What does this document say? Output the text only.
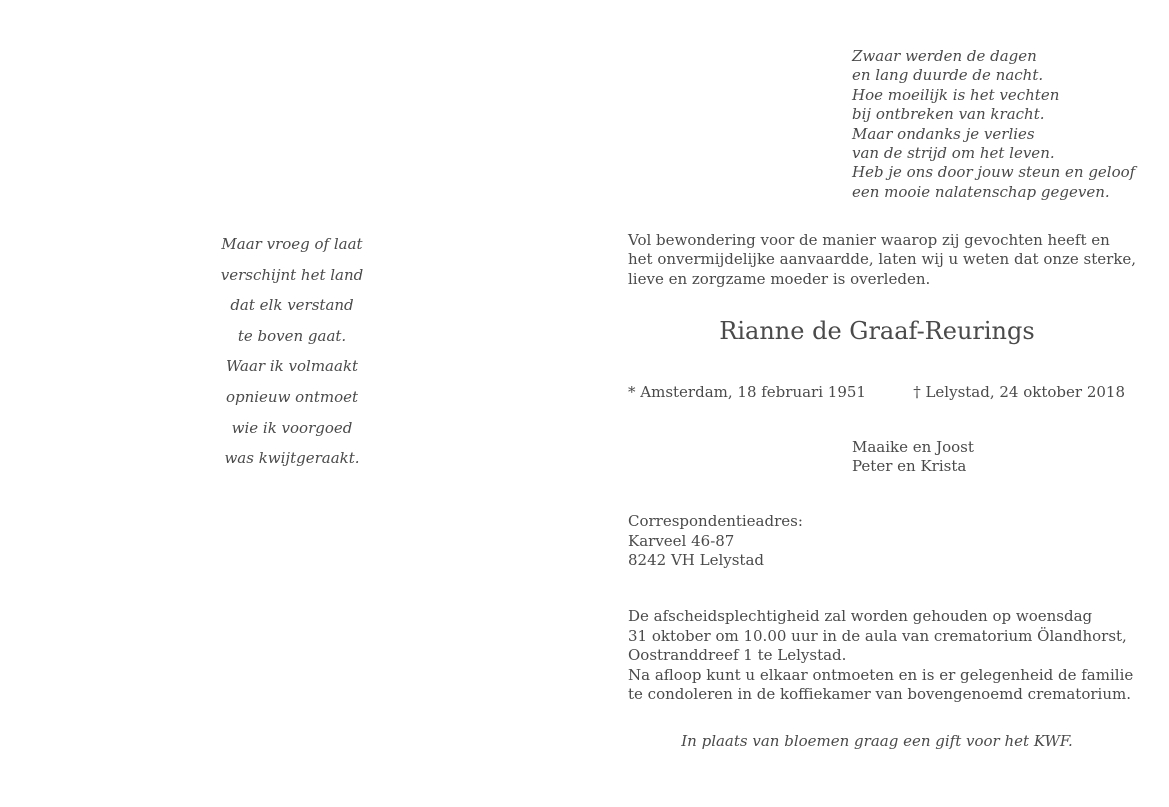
Zwaar werden de dagen
en lang duurde de nacht.
Hoe moeilijk is het vechten
bij ontbreken van kracht.
Maar ondanks je verlies
van de strijd om het leven.
Heb je ons door jouw steun en geloof
een mooie nalatenschap gegeven.
Maar vroeg of laat
verschijnt het land
dat elk verstand
te boven gaat.
Waar ik volmaakt
opnieuw ontmoet
wie ik voorgoed
was kwijtgeraakt.
Vol bewondering voor de manier waarop zij gevochten heeft en
het onvermijdelijke aanvaardde, laten wij u weten dat onze sterke,
lieve en zorgzame moeder is overleden.
Rianne de Graaf-Reurings
* Amsterdam, 18 februari 1951	† Lelystad, 24 oktober 2018
Maaike en Joost
Peter en Krista
Correspondentieadres:
Karveel 46-87
8242 VH Lelystad
De afscheidsplechtigheid zal worden gehouden op woensdag
31 oktober om 10.00 uur in de aula van crematorium Ölandhorst,
Oostranddreef 1 te Lelystad.
Na afloop kunt u elkaar ontmoeten en is er gelegenheid de familie
te condoleren in de koffiekamer van bovengenoemd crematorium.
In plaats van bloemen graag een gift voor het KWF.
